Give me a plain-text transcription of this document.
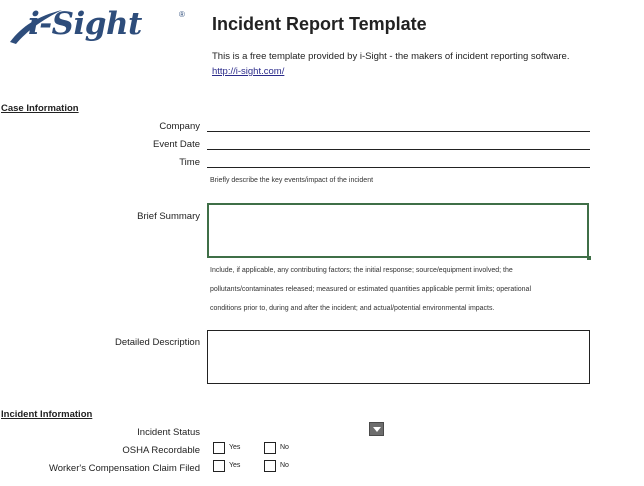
i-Sight	® Incident Report Template
This is a free template provided by i-Sight - the makers of incident reporting software.
http://i-sight.com/
Case Information
Company
Event Date
Time
Briefly describe the key events/impact of the incident
Brief Summary
Include, if applicable, any contributing factors; the initial response; source/equipment involved; the
pollutants/contaminates released; measured or estimated quantities applicable permit limits; operational
conditions prior to, during and after the incident; and actual/potential environmental impacts.
Detailed Description
Incident Information
Incident Status
OSHA Recordable	Yes	No
Worker's Compensation Claim Filed	Yes	No
